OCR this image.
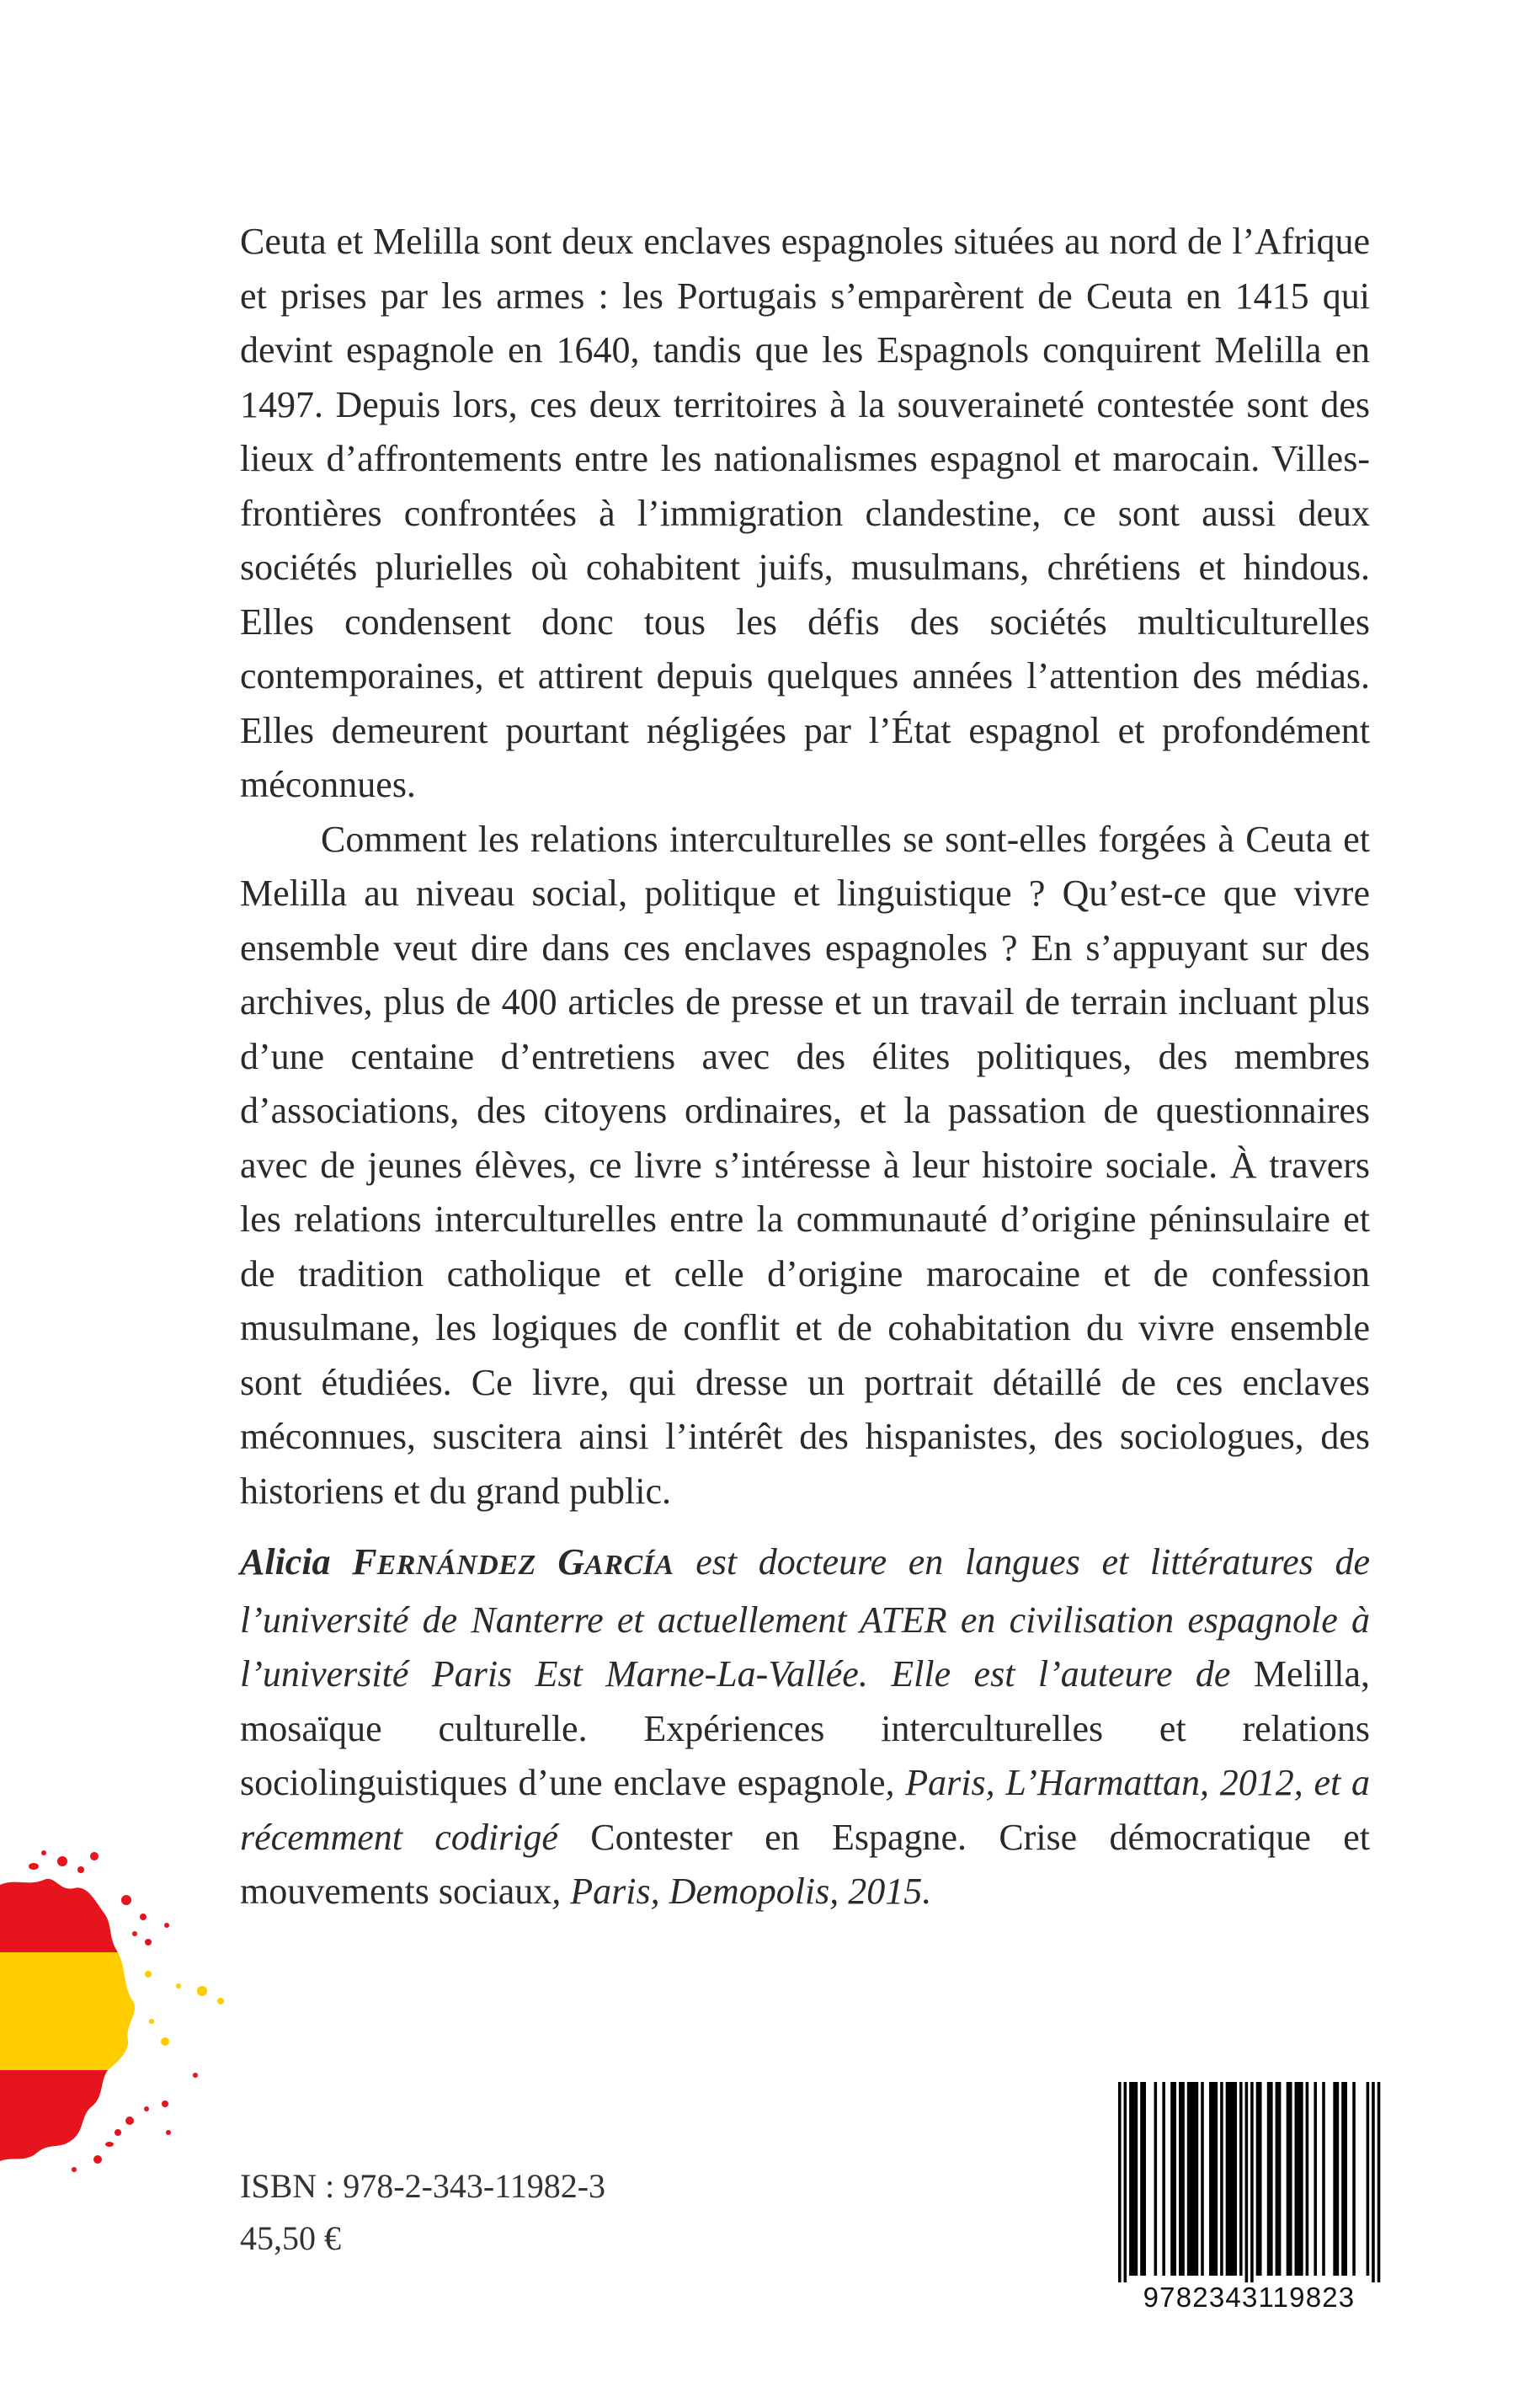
Ceuta et Melilla sont deux enclaves espagnoles situées au nord de l’Afrique et prises par les armes : les Portugais s’emparèrent de Ceuta en 1415 qui devint espagnole en 1640, tandis que les Espagnols conquirent Melilla en 1497. Depuis lors, ces deux territoires à la souveraineté contestée sont des lieux d’affrontements entre les nationalismes espagnol et marocain. Villes-frontières confrontées à l’immigration clandestine, ce sont aussi deux sociétés plurielles où cohabitent juifs, musulmans, chrétiens et hindous. Elles condensent donc tous les défis des sociétés multiculturelles contemporaines, et attirent depuis quelques années l’attention des médias. Elles demeurent pourtant négligées par l’État espagnol et profondément méconnues.

Comment les relations interculturelles se sont-elles forgées à Ceuta et Melilla au niveau social, politique et linguistique ? Qu’est-ce que vivre ensemble veut dire dans ces enclaves espagnoles ? En s’appuyant sur des archives, plus de 400 articles de presse et un travail de terrain incluant plus d’une centaine d’entretiens avec des élites politiques, des membres d’associations, des citoyens ordinaires, et la passation de questionnaires avec de jeunes élèves, ce livre s’intéresse à leur histoire sociale. À travers les relations interculturelles entre la communauté d’origine péninsulaire et de tradition catholique et celle d’origine marocaine et de confession musulmane, les logiques de conflit et de cohabitation du vivre ensemble sont étudiées. Ce livre, qui dresse un portrait détaillé de ces enclaves méconnues, suscitera ainsi l’intérêt des hispanistes, des sociologues, des historiens et du grand public.

Alicia FERNÁNDEZ GARCÍA est docteure en langues et littératures de l’université de Nanterre et actuellement ATER en civilisation espagnole à l’université Paris Est Marne-La-Vallée. Elle est l’auteure de Melilla, mosaïque culturelle. Expériences interculturelles et relations sociolinguistiques d’une enclave espagnole, Paris, L’Harmattan, 2012, et a récemment codirigé Contester en Espagne. Crise démocratique et mouvements sociaux, Paris, Demopolis, 2015.

ISBN : 978-2-343-11982-3
45,50 €
9782343119823
